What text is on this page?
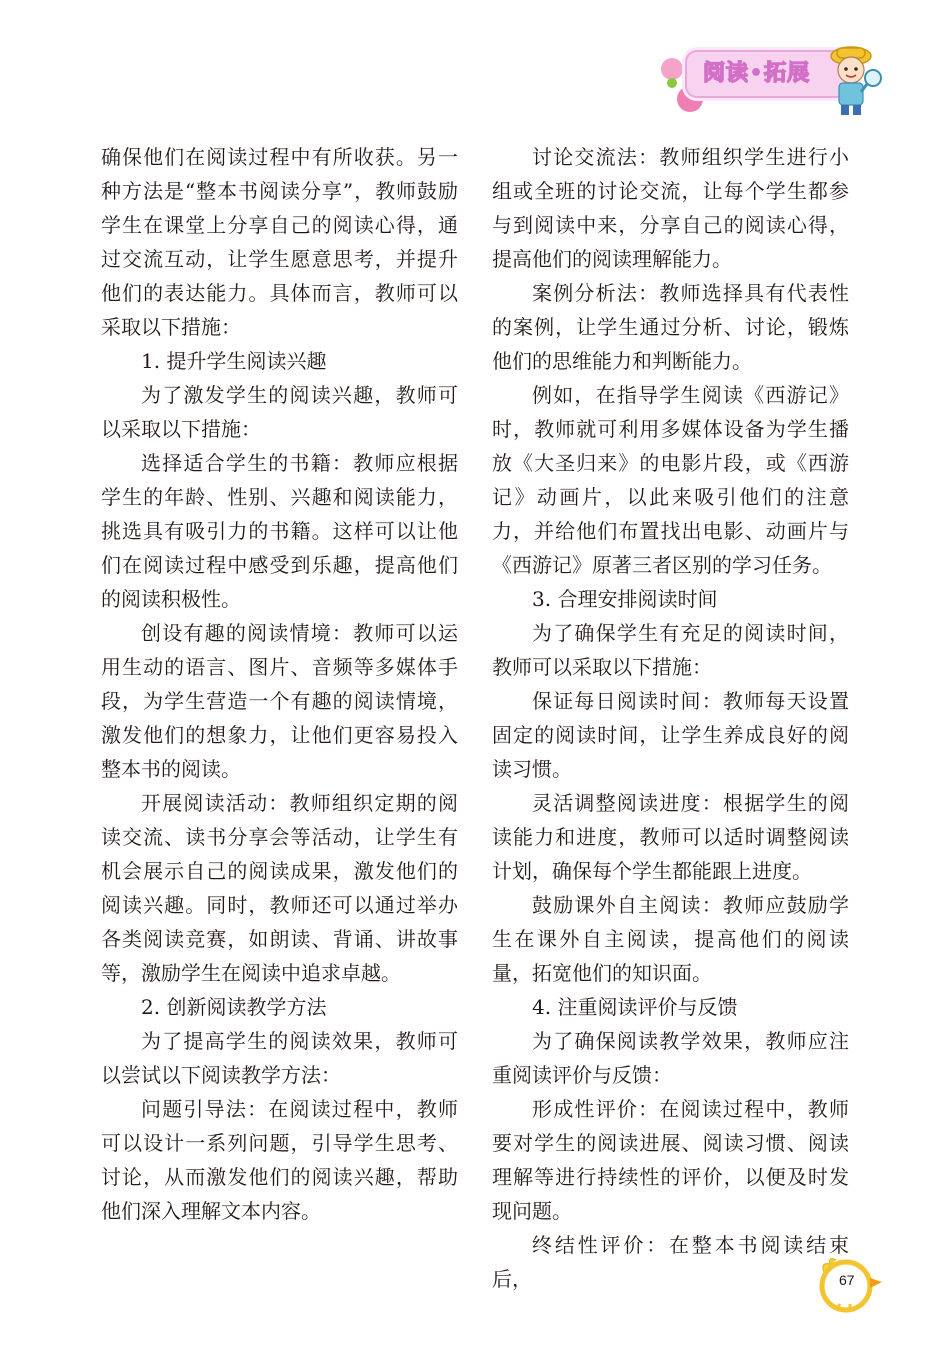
阅读•拓展

确保他们在阅读过程中有所收获。另一种方法是“整本书阅读分享”，教师鼓励学生在课堂上分享自己的阅读心得，通过交流互动，让学生愿意思考，并提升他们的表达能力。具体而言，教师可以采取以下措施：

1. 提升学生阅读兴趣

为了激发学生的阅读兴趣，教师可以采取以下措施：

选择适合学生的书籍：教师应根据学生的年龄、性别、兴趣和阅读能力，挑选具有吸引力的书籍。这样可以让他们在阅读过程中感受到乐趣，提高他们的阅读积极性。

创设有趣的阅读情境：教师可以运用生动的语言、图片、音频等多媒体手段，为学生营造一个有趣的阅读情境，激发他们的想象力，让他们更容易投入整本书的阅读。

开展阅读活动：教师组织定期的阅读交流、读书分享会等活动，让学生有机会展示自己的阅读成果，激发他们的阅读兴趣。同时，教师还可以通过举办各类阅读竞赛，如朗读、背诵、讲故事等，激励学生在阅读中追求卓越。

2. 创新阅读教学方法

为了提高学生的阅读效果，教师可以尝试以下阅读教学方法：

问题引导法：在阅读过程中，教师可以设计一系列问题，引导学生思考、讨论，从而激发他们的阅读兴趣，帮助他们深入理解文本内容。

讨论交流法：教师组织学生进行小组或全班的讨论交流，让每个学生都参与到阅读中来，分享自己的阅读心得，提高他们的阅读理解能力。

案例分析法：教师选择具有代表性的案例，让学生通过分析、讨论，锻炼他们的思维能力和判断能力。

例如，在指导学生阅读《西游记》时，教师就可利用多媒体设备为学生播放《大圣归来》的电影片段，或《西游记》动画片，以此来吸引他们的注意力，并给他们布置找出电影、动画片与《西游记》原著三者区别的学习任务。

3. 合理安排阅读时间

为了确保学生有充足的阅读时间，教师可以采取以下措施：

保证每日阅读时间：教师每天设置固定的阅读时间，让学生养成良好的阅读习惯。

灵活调整阅读进度：根据学生的阅读能力和进度，教师可以适时调整阅读计划，确保每个学生都能跟上进度。

鼓励课外自主阅读：教师应鼓励学生在课外自主阅读，提高他们的阅读量，拓宽他们的知识面。

4. 注重阅读评价与反馈

为了确保阅读教学效果，教师应注重阅读评价与反馈：

形成性评价：在阅读过程中，教师要对学生的阅读进展、阅读习惯、阅读理解等进行持续性的评价，以便及时发现问题。

终结性评价：在整本书阅读结束后，	67
